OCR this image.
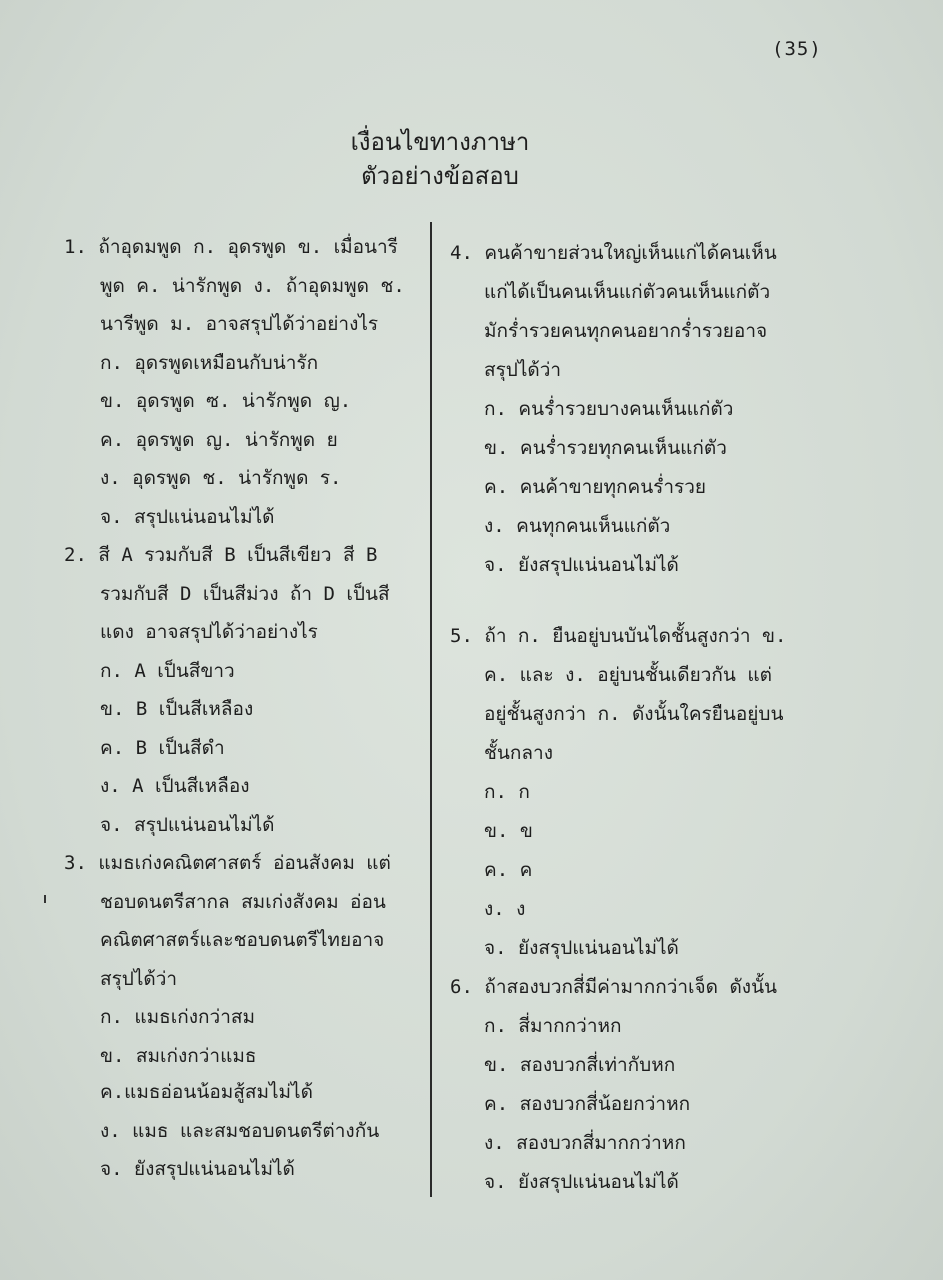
(35)
เงื่อนไขทางภาษา
ตัวอย่างข้อสอบ
1. ถ้าอุดมพูด ก. อุดรพูด ข. เมื่อนารี
พูด ค. น่ารักพูด ง. ถ้าอุดมพูด ช.
นารีพูด ม. อาจสรุปได้ว่าอย่างไร
ก. อุดรพูดเหมือนกับน่ารัก
ข. อุดรพูด ซ. น่ารักพูด ญ.
ค. อุดรพูด ญ. น่ารักพูด ย
ง. อุดรพูด ช. น่ารักพูด ร.
จ. สรุปแน่นอนไม่ได้
2. สี A รวมกับสี B เป็นสีเขียว สี B
รวมกับสี D เป็นสีม่วง ถ้า D เป็นสี
แดง อาจสรุปได้ว่าอย่างไร
ก. A เป็นสีขาว
ข. B เป็นสีเหลือง
ค. B เป็นสีดำ
ง. A เป็นสีเหลือง
จ. สรุปแน่นอนไม่ได้
3. แมธเก่งคณิตศาสตร์ อ่อนสังคม แต่
ชอบดนตรีสากล สมเก่งสังคม อ่อน
คณิตศาสตร์และชอบดนตรีไทยอาจ
สรุปได้ว่า
ก. แมธเก่งกว่าสม
ข. สมเก่งกว่าแมธ
ค.แมธอ่อนน้อมสู้สมไม่ได้
ง. แมธ และสมชอบดนตรีต่างกัน
จ. ยังสรุปแน่นอนไม่ได้
4. คนค้าขายส่วนใหญ่เห็นแก่ได้คนเห็น
แก่ได้เป็นคนเห็นแก่ตัวคนเห็นแก่ตัว
มักร่ำรวยคนทุกคนอยากร่ำรวยอาจ
สรุปได้ว่า
ก. คนร่ำรวยบางคนเห็นแก่ตัว
ข. คนร่ำรวยทุกคนเห็นแก่ตัว
ค. คนค้าขายทุกคนร่ำรวย
ง. คนทุกคนเห็นแก่ตัว
จ. ยังสรุปแน่นอนไม่ได้
5. ถ้า ก. ยืนอยู่บนบันไดชั้นสูงกว่า ข.
ค. และ ง. อยู่บนชั้นเดียวกัน แต่
อยู่ชั้นสูงกว่า ก. ดังนั้นใครยืนอยู่บน
ชั้นกลาง
ก. ก
ข. ข
ค. ค
ง. ง
จ. ยังสรุปแน่นอนไม่ได้
6. ถ้าสองบวกสี่มีค่ามากกว่าเจ็ด ดังนั้น
ก. สี่มากกว่าหก
ข. สองบวกสี่เท่ากับหก
ค. สองบวกสี่น้อยกว่าหก
ง. สองบวกสี่มากกว่าหก
จ. ยังสรุปแน่นอนไม่ได้
